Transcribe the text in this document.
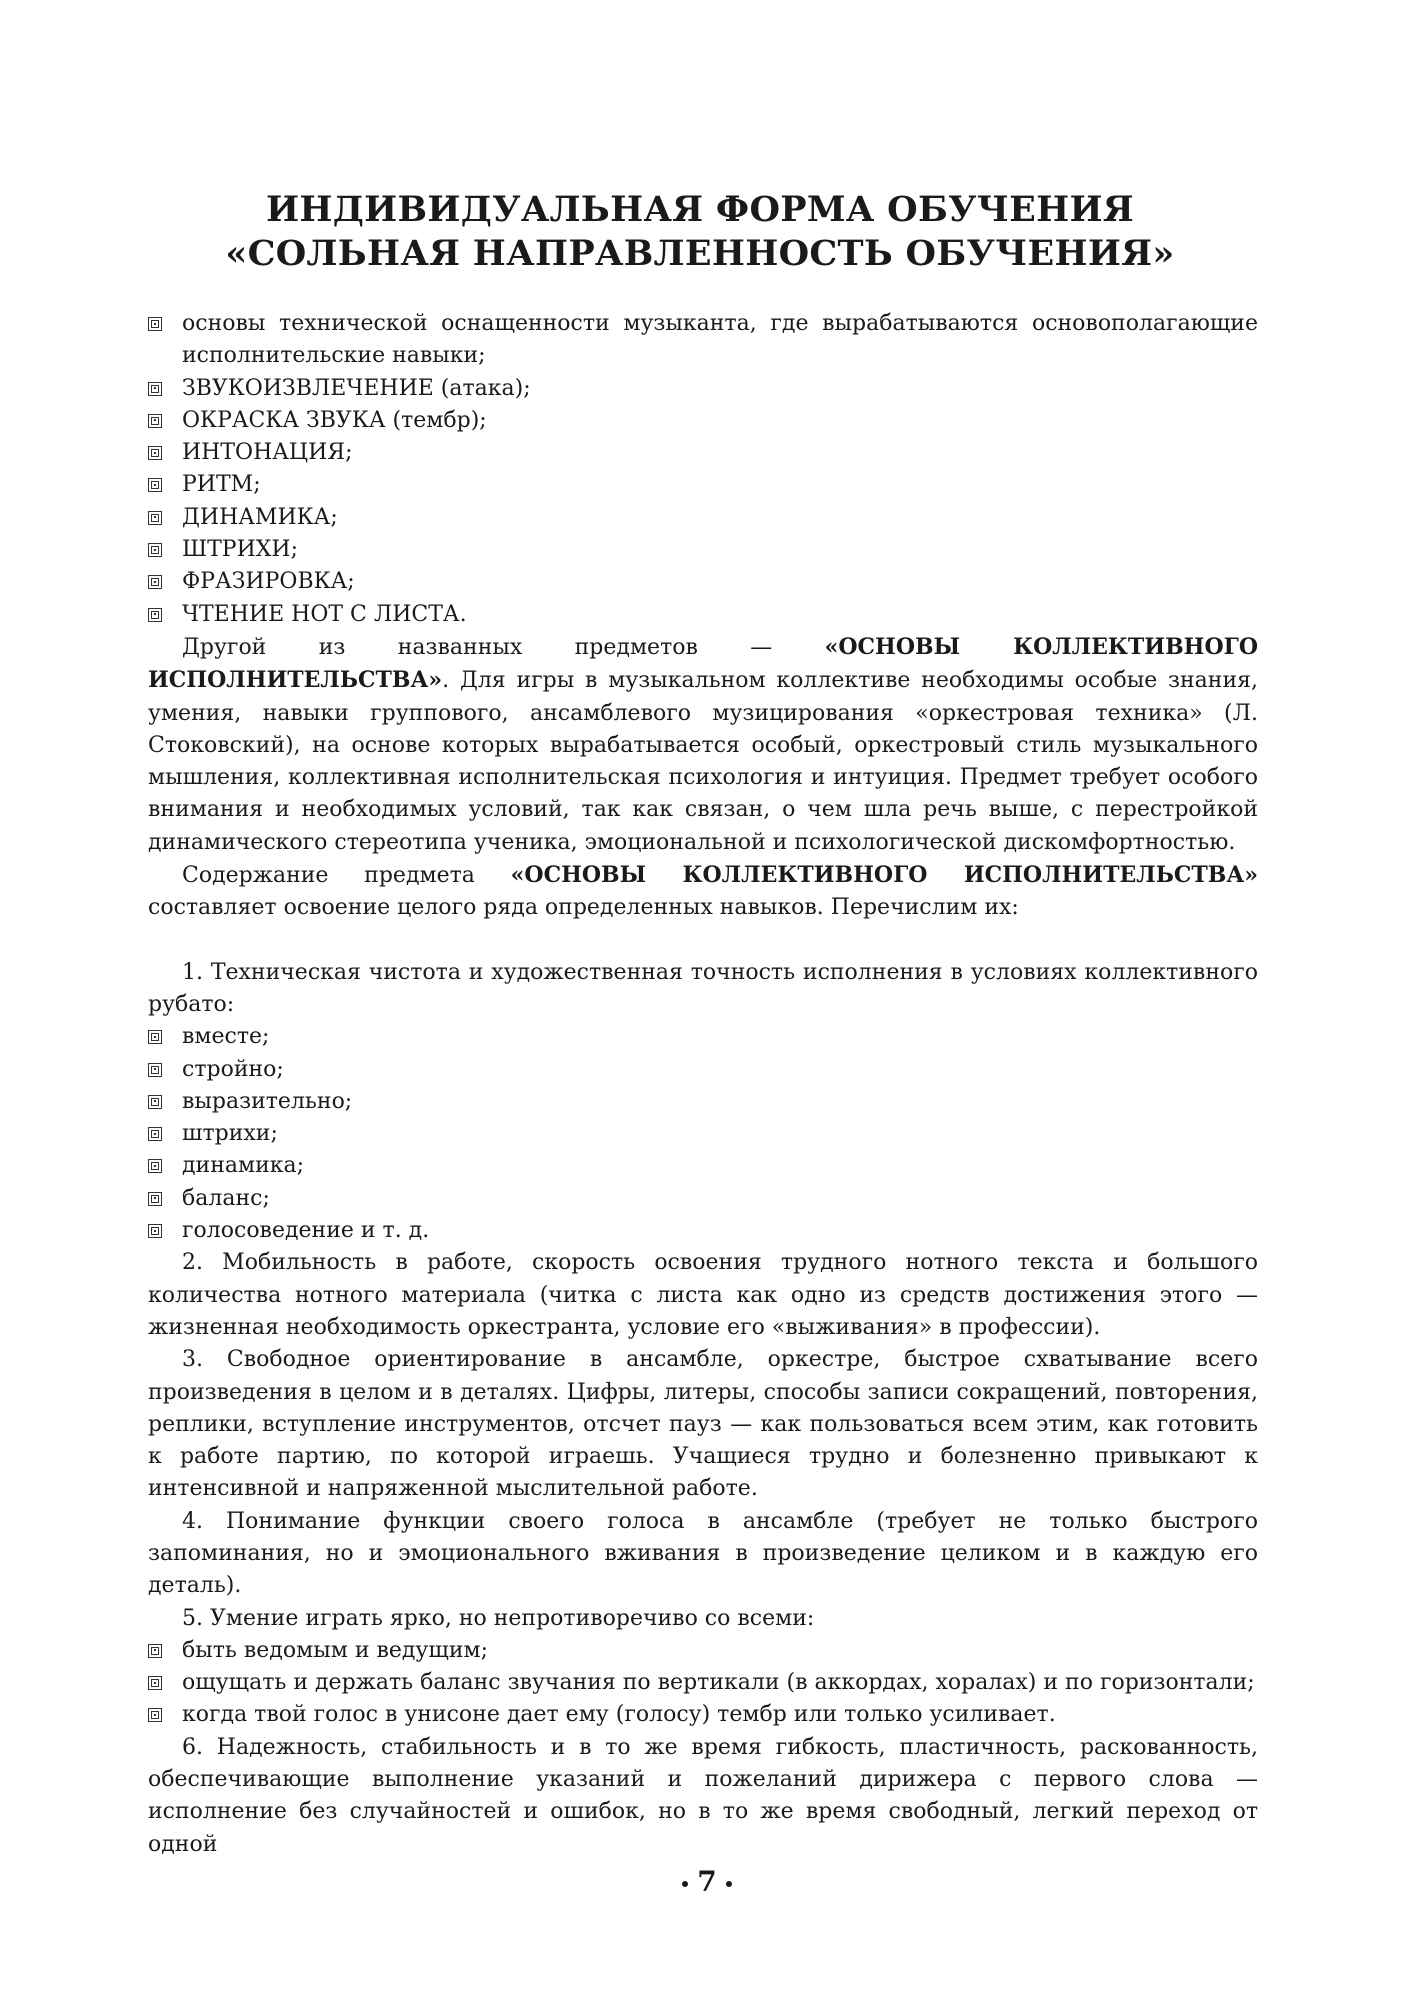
ИНДИВИДУАЛЬНАЯ ФОРМА ОБУЧЕНИЯ
«СОЛЬНАЯ НАПРАВЛЕННОСТЬ ОБУЧЕНИЯ»
основы технической оснащенности музыканта, где вырабатываются основополагающие исполнительские навыки;
ЗВУКОИЗВЛЕЧЕНИЕ (атака);
ОКРАСКА ЗВУКА (тембр);
ИНТОНАЦИЯ;
РИТМ;
ДИНАМИКА;
ШТРИХИ;
ФРАЗИРОВКА;
ЧТЕНИЕ НОТ С ЛИСТА.

Другой из названных предметов — «ОСНОВЫ КОЛЛЕКТИВНОГО ИСПОЛНИТЕЛЬСТВА». Для игры в музыкальном коллективе необходимы особые знания, умения, навыки группового, ансамблевого музицирования «оркестровая техника» (Л. Стоковский), на основе которых вырабатывается особый, оркестровый стиль музыкального мышления, коллективная исполнительская психология и интуиция. Предмет требует особого внимания и необходимых условий, так как связан, о чем шла речь выше, с перестройкой динамического стереотипа ученика, эмоциональной и психологической дискомфортностью.

Содержание предмета «ОСНОВЫ КОЛЛЕКТИВНОГО ИСПОЛНИТЕЛЬСТВА» составляет освоение целого ряда определенных навыков. Перечислим их:

1. Техническая чистота и художественная точность исполнения в условиях коллективного рубато:

вместе;
стройно;
выразительно;
штрихи;
динамика;
баланс;
голосоведение и т. д.

2. Мобильность в работе, скорость освоения трудного нотного текста и большого количества нотного материала (читка с листа как одно из средств достижения этого — жизненная необходимость оркестранта, условие его «выживания» в профессии).

3. Свободное ориентирование в ансамбле, оркестре, быстрое схватывание всего произведения в целом и в деталях. Цифры, литеры, способы записи сокращений, повторения, реплики, вступление инструментов, отсчет пауз — как пользоваться всем этим, как готовить к работе партию, по которой играешь. Учащиеся трудно и болезненно привыкают к интенсивной и напряженной мыслительной работе.

4. Понимание функции своего голоса в ансамбле (требует не только быстрого запоминания, но и эмоционального вживания в произведение целиком и в каждую его деталь).

5. Умение играть ярко, но непротиворечиво со всеми:

быть ведомым и ведущим;
ощущать и держать баланс звучания по вертикали (в аккордах, хоралах) и по горизонтали;
когда твой голос в унисоне дает ему (голосу) тембр или только усиливает.

6. Надежность, стабильность и в то же время гибкость, пластичность, раскованность, обеспечивающие выполнение указаний и пожеланий дирижера с первого слова — исполнение без случайностей и ошибок, но в то же время свободный, легкий переход от одной

7
